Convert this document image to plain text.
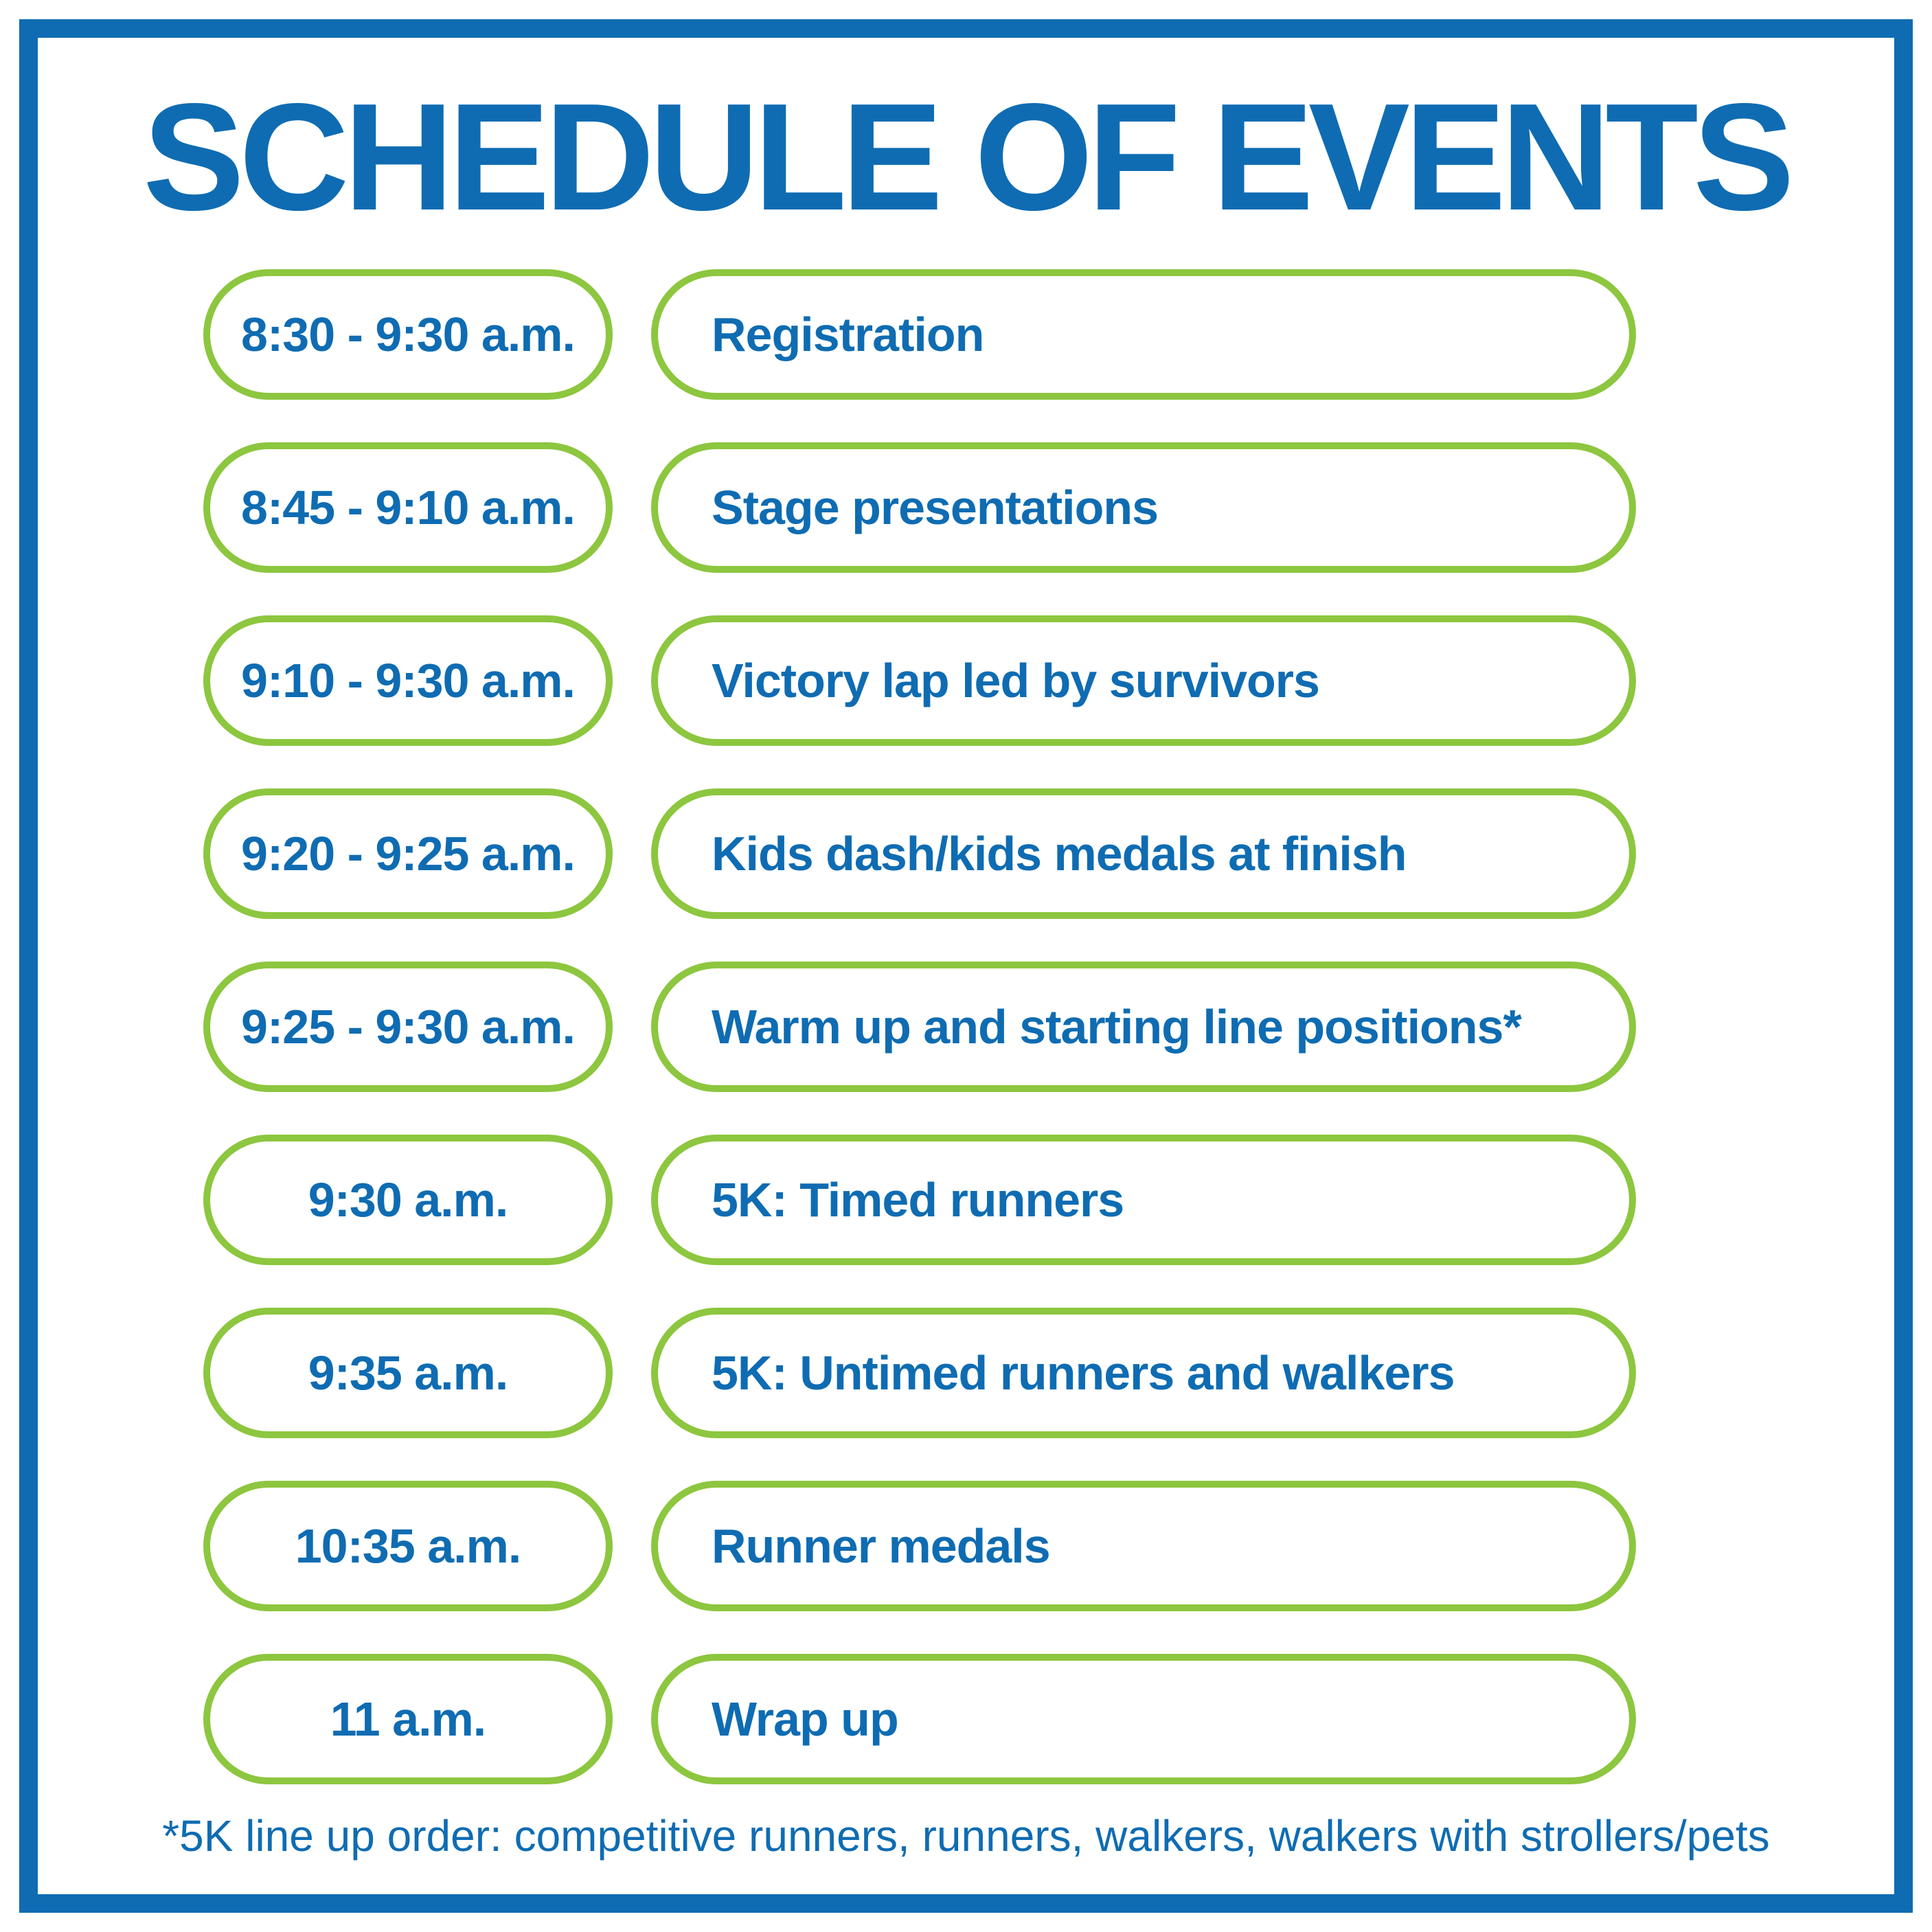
SCHEDULE OF EVENTS
8:30 - 9:30 a.m.	Registration
8:45 - 9:10 a.m.	Stage presentations
9:10 - 9:30 a.m.	Victory lap led by survivors
9:20 - 9:25 a.m.	Kids dash/kids medals at finish
9:25 - 9:30 a.m.	Warm up and starting line positions*
9:30 a.m.	5K: Timed runners
9:35 a.m.	5K: Untimed runners and walkers
10:35 a.m.	Runner medals
11 a.m.	Wrap up
*5K line up order: competitive runners, runners, walkers, walkers with strollers/pets
